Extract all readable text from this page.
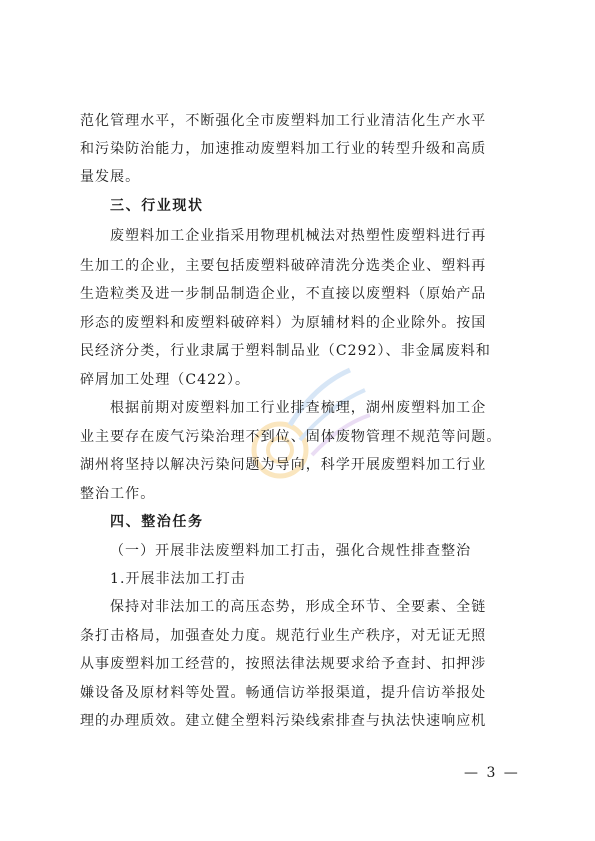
范化管理水平，不断强化全市废塑料加工行业清洁化生产水平
和污染防治能力，加速推动废塑料加工行业的转型升级和高质
量发展。
三、行业现状
废塑料加工企业指采用物理机械法对热塑性废塑料进行再
生加工的企业，主要包括废塑料破碎清洗分选类企业、塑料再
生造粒类及进一步制品制造企业，不直接以废塑料（原始产品
形态的废塑料和废塑料破碎料）为原辅材料的企业除外。按国
民经济分类，行业隶属于塑料制品业（C292）、非金属废料和
碎屑加工处理（C422）。
根据前期对废塑料加工行业排查梳理，湖州废塑料加工企
业主要存在废气污染治理不到位、固体废物管理不规范等问题。
湖州将坚持以解决污染问题为导向，科学开展废塑料加工行业
整治工作。
四、整治任务
（一）开展非法废塑料加工打击，强化合规性排查整治
1.开展非法加工打击
保持对非法加工的高压态势，形成全环节、全要素、全链
条打击格局，加强查处力度。规范行业生产秩序，对无证无照
从事废塑料加工经营的，按照法律法规要求给予查封、扣押涉
嫌设备及原材料等处置。畅通信访举报渠道，提升信访举报处
理的办理质效。建立健全塑料污染线索排查与执法快速响应机
— 3 —
